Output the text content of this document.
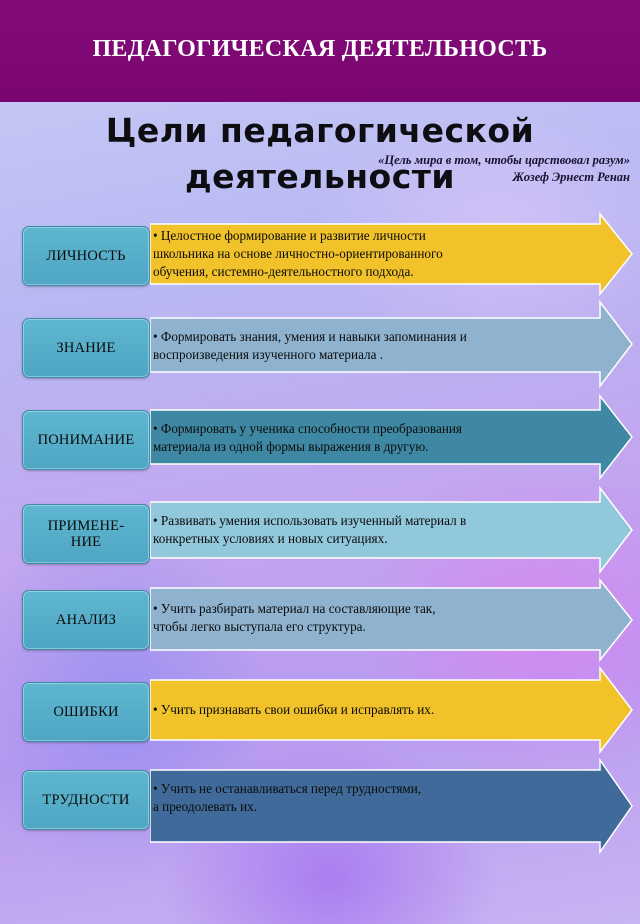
ПЕДАГОГИЧЕСКАЯ ДЕЯТЕЛЬНОСТЬ
Цели педагогической
деятельности
«Цель мира в том, чтобы царствовал разум»
Жозеф Эрнест Ренан
ЛИЧНОСТЬ
• Целостное формирование и развитие личности
школьника на основе личностно-ориентированного
обучения, системно-деятельностного подхода.
ЗНАНИЕ
• Формировать знания, умения и навыки запоминания и
воспроизведения изученного материала .
ПОНИМАНИЕ
• Формировать у ученика способности преобразования
материала из одной формы выражения в другую.
ПРИМЕНЕ-
НИЕ
• Развивать умения использовать изученный материал в
конкретных условиях и новых ситуациях.
АНАЛИЗ
• Учить разбирать материал на составляющие так,
чтобы легко выступала его структура.
ОШИБКИ	• Учить признавать свои ошибки и исправлять их.
ТРУДНОСТИ
• Учить не останавливаться перед трудностями,
а преодолевать их.
